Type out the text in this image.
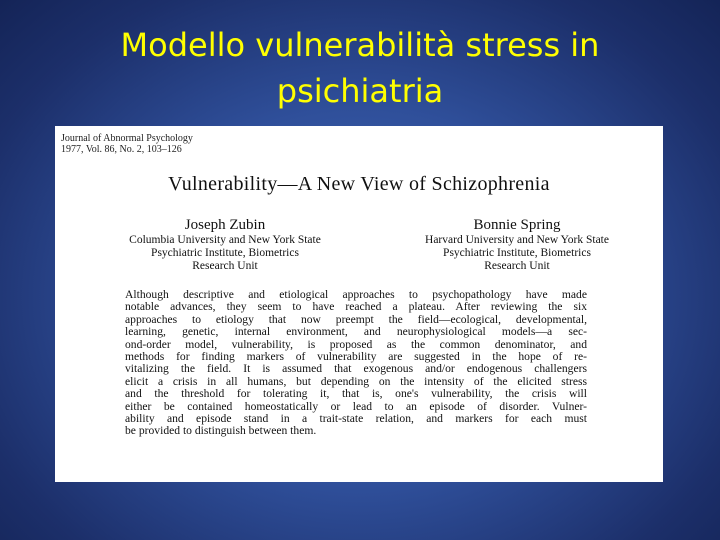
Modello vulnerabilità stress in
psichiatria
Journal of Abnormal Psychology
1977, Vol. 86, No. 2, 103–126
Vulnerability—A New View of Schizophrenia
Joseph Zubin
Columbia University and New York State
Psychiatric Institute, Biometrics
Research Unit
Bonnie Spring
Harvard University and New York State
Psychiatric Institute, Biometrics
Research Unit
Although descriptive and etiological approaches to psychopathology have made
notable advances, they seem to have reached a plateau. After reviewing the six
approaches to etiology that now preempt the field—ecological, developmental,
learning, genetic, internal environment, and neurophysiological models—a sec-
ond-order model, vulnerability, is proposed as the common denominator, and
methods for finding markers of vulnerability are suggested in the hope of re-
vitalizing the field. It is assumed that exogenous and/or endogenous challengers
elicit a crisis in all humans, but depending on the intensity of the elicited stress
and the threshold for tolerating it, that is, one's vulnerability, the crisis will
either be contained homeostatically or lead to an episode of disorder. Vulner-
ability and episode stand in a trait-state relation, and markers for each must
be provided to distinguish between them.
